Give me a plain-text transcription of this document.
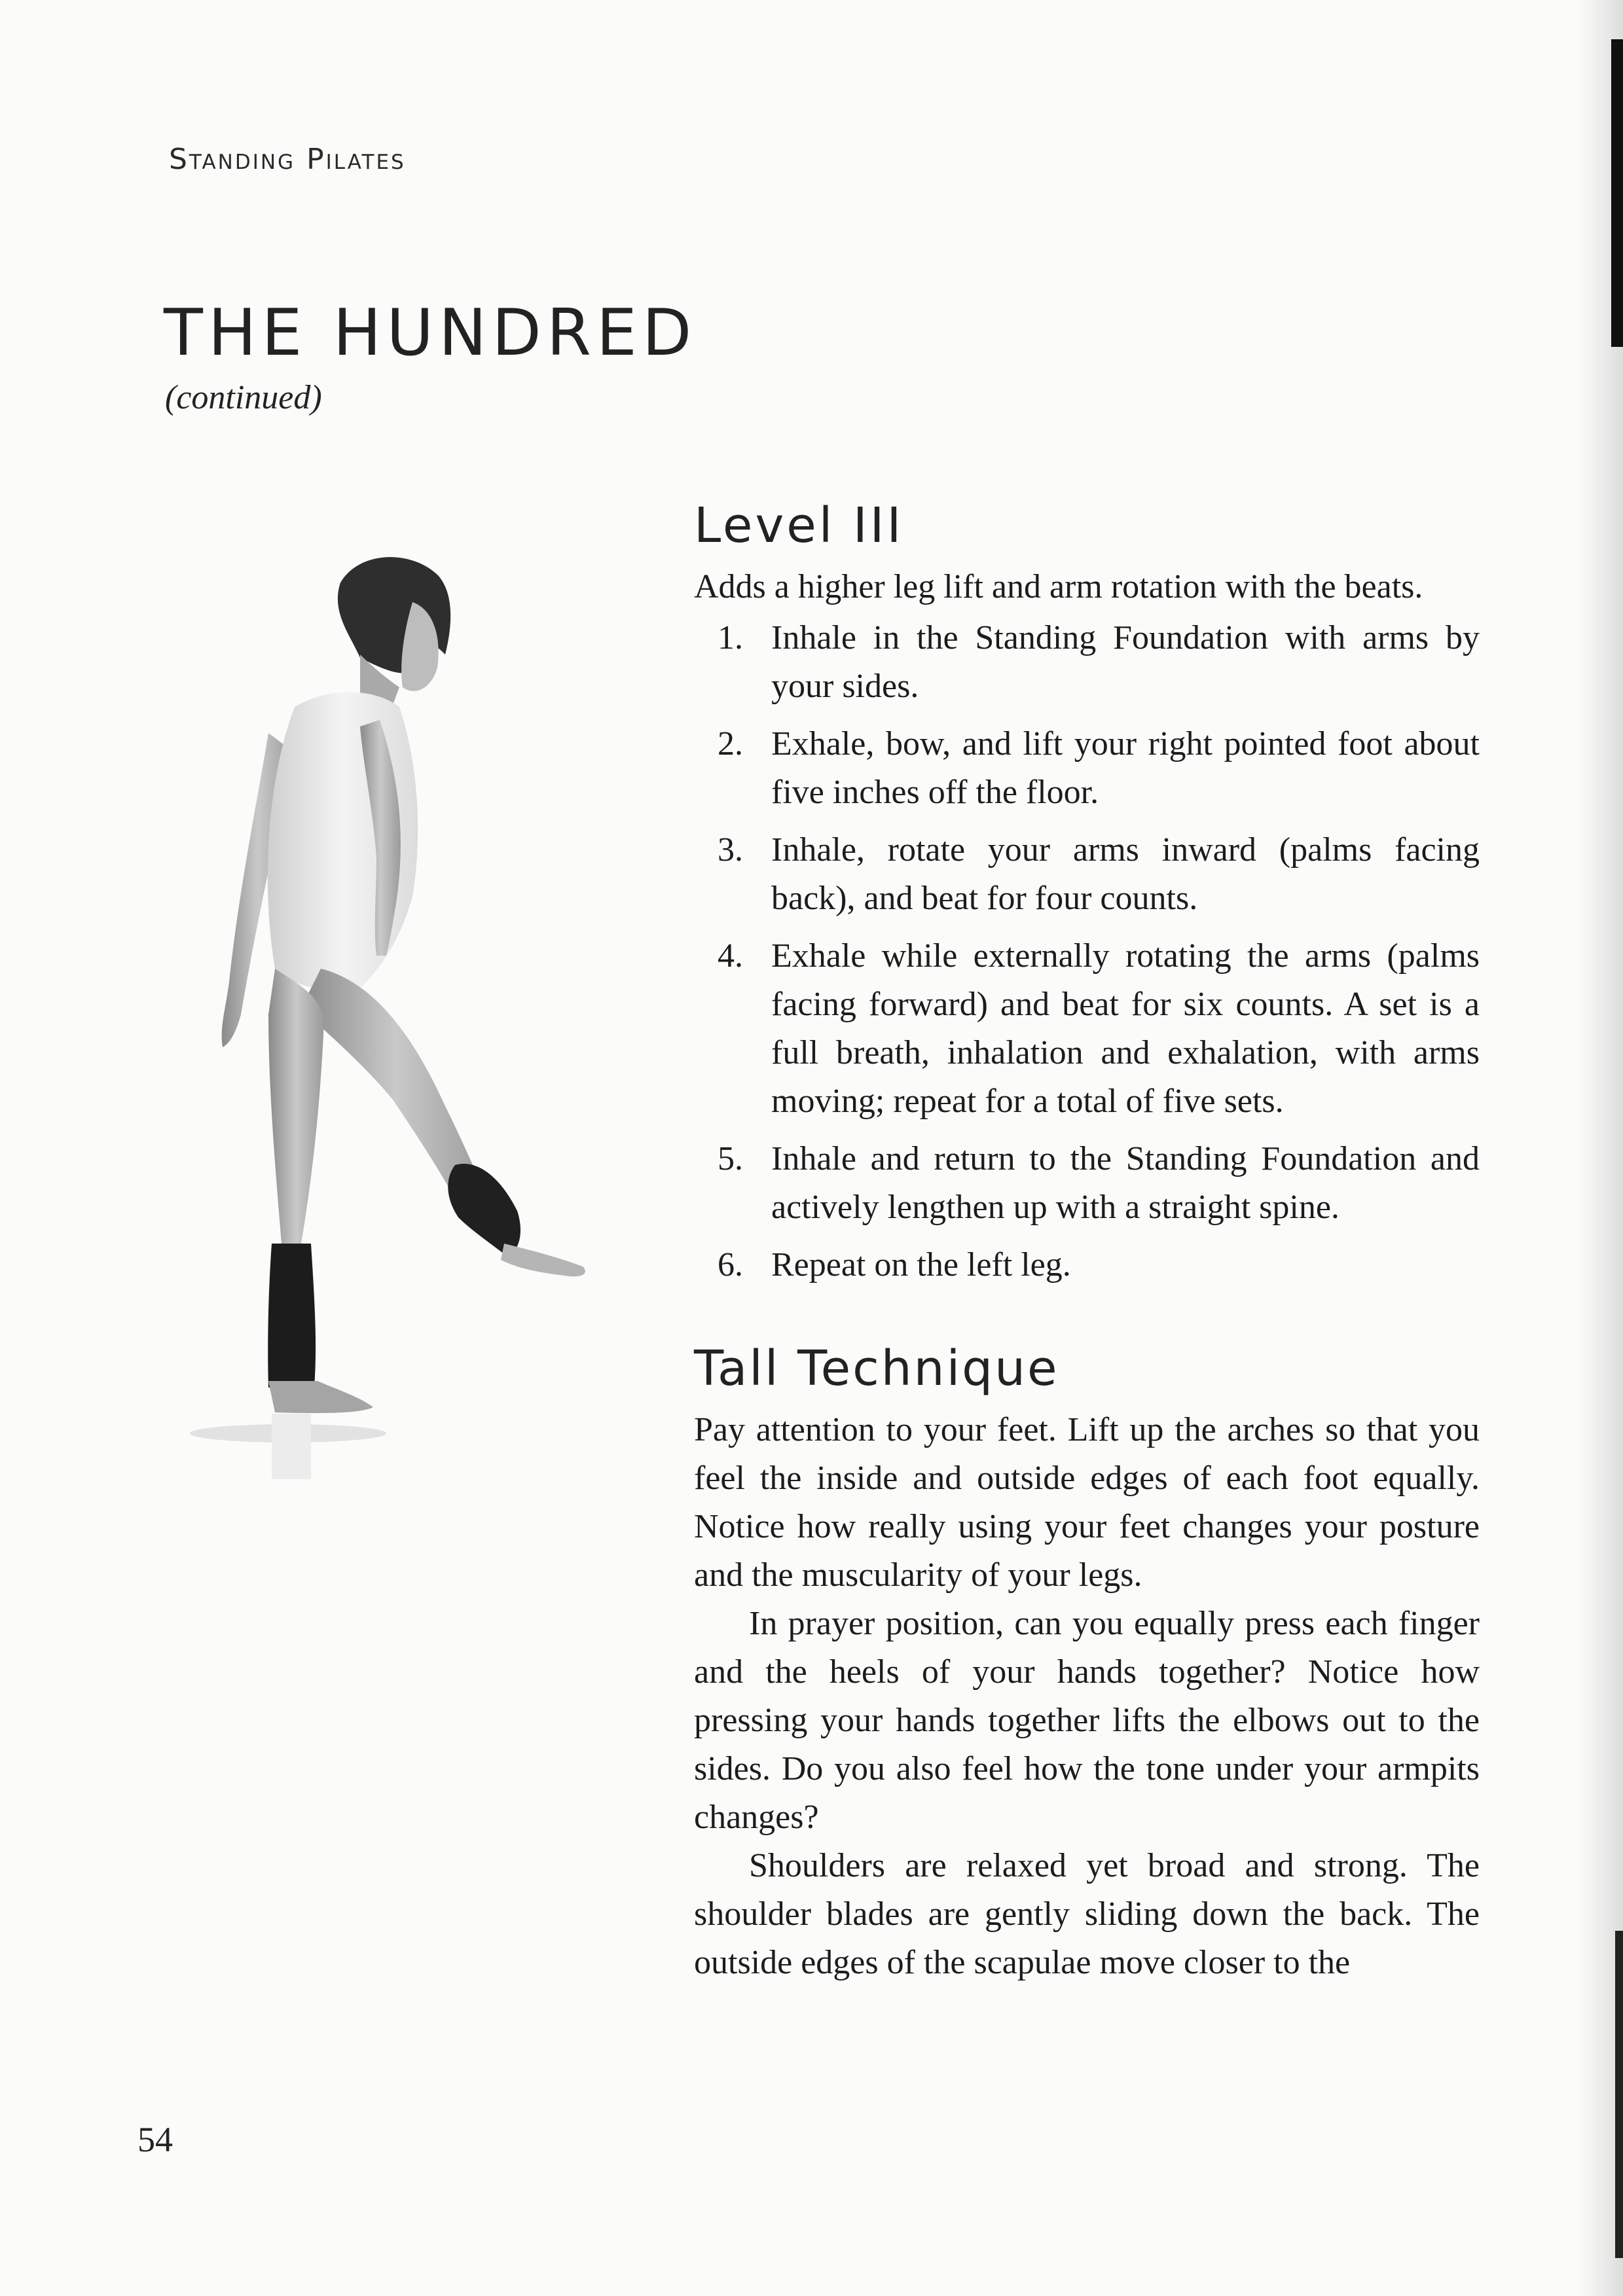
Standing Pilates
THE HUNDRED
(continued)
Level III

Adds a higher leg lift and arm rotation with the beats.

1. Inhale in the Standing Foundation with arms by your sides.
2. Exhale, bow, and lift your right pointed foot about five inches off the floor.
3. Inhale, rotate your arms inward (palms facing back), and beat for four counts.
4. Exhale while externally rotating the arms (palms facing forward) and beat for six counts. A set is a full breath, inhalation and exhalation, with arms moving; repeat for a total of five sets.
5. Inhale and return to the Standing Foundation and actively lengthen up with a straight spine.
6. Repeat on the left leg.
Tall Technique

Pay attention to your feet. Lift up the arches so that you feel the inside and outside edges of each foot equally. Notice how really using your feet changes your posture and the muscularity of your legs.

In prayer position, can you equally press each finger and the heels of your hands together? Notice how pressing your hands together lifts the elbows out to the sides. Do you also feel how the tone under your armpits changes?

Shoulders are relaxed yet broad and strong. The shoulder blades are gently sliding down the back. The outside edges of the scapulae move closer to the

54
